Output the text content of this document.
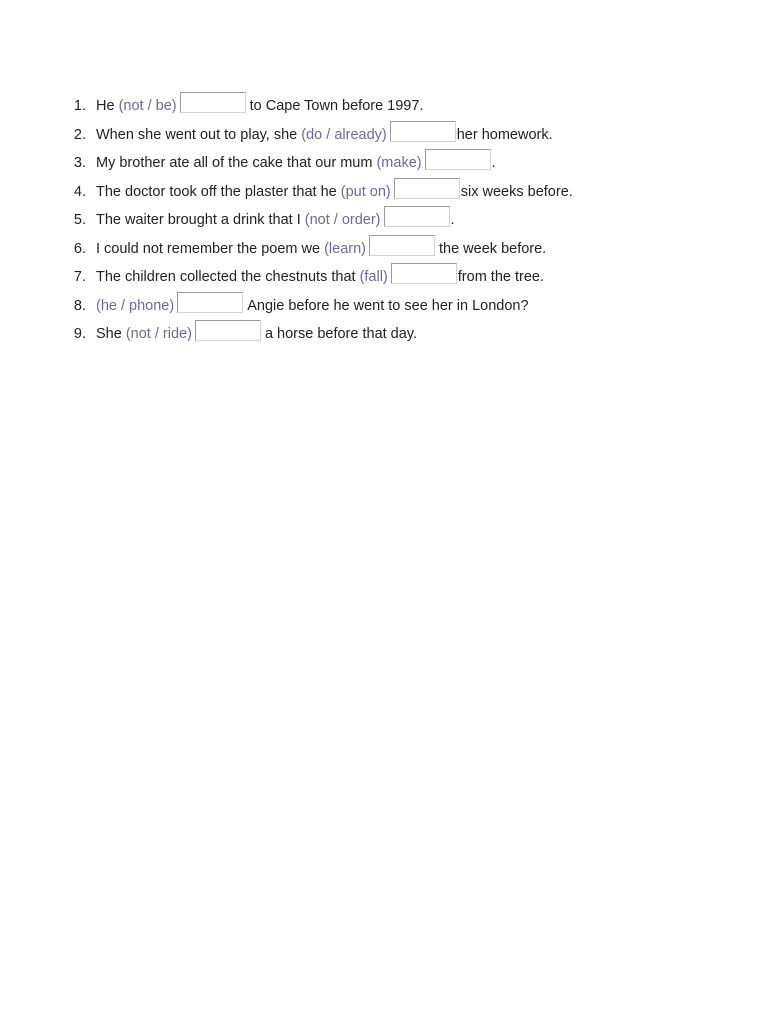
1. He (not / be)	to Cape Town before 1997.
2. When she went out to play, she (do / already)	her homework.
3. My brother ate all of the cake that our mum (make)	.
4. The doctor took off the plaster that he (put on)	six weeks before.
5. The waiter brought a drink that I (not / order)	.
6. I could not remember the poem we (learn)	the week before.
7. The children collected the chestnuts that (fall)	from the tree.
8. (he / phone)	Angie before he went to see her in London?
9. She (not / ride)	a horse before that day.
